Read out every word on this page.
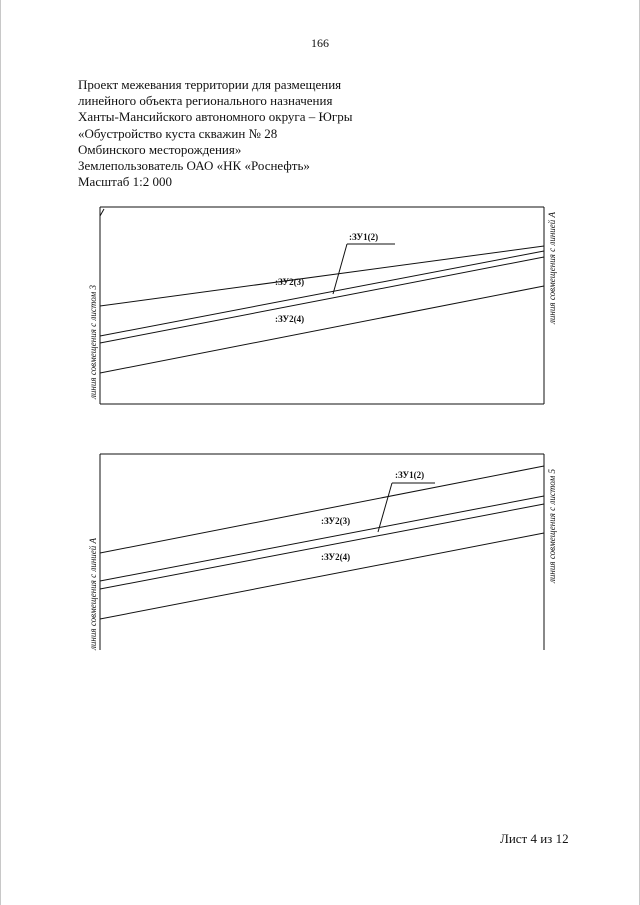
166
Проект межевания территории для размещения
линейного объекта регионального назначения
Ханты-Мансийского автономного округа – Югры
«Обустройство куста скважин № 28
Омбинского месторождения»
Землепользователь ОАО «НК «Роснефть»
Масштаб 1:2 000
:ЗУ1(2)
:ЗУ2(3)
:ЗУ2(4)
линия совмещения с листом 3
линия совмещения с линией А
:ЗУ1(2)
:ЗУ2(3)
:ЗУ2(4)
линия совмещения с линией А
линия совмещения с листом 5
Лист 4 из 12
